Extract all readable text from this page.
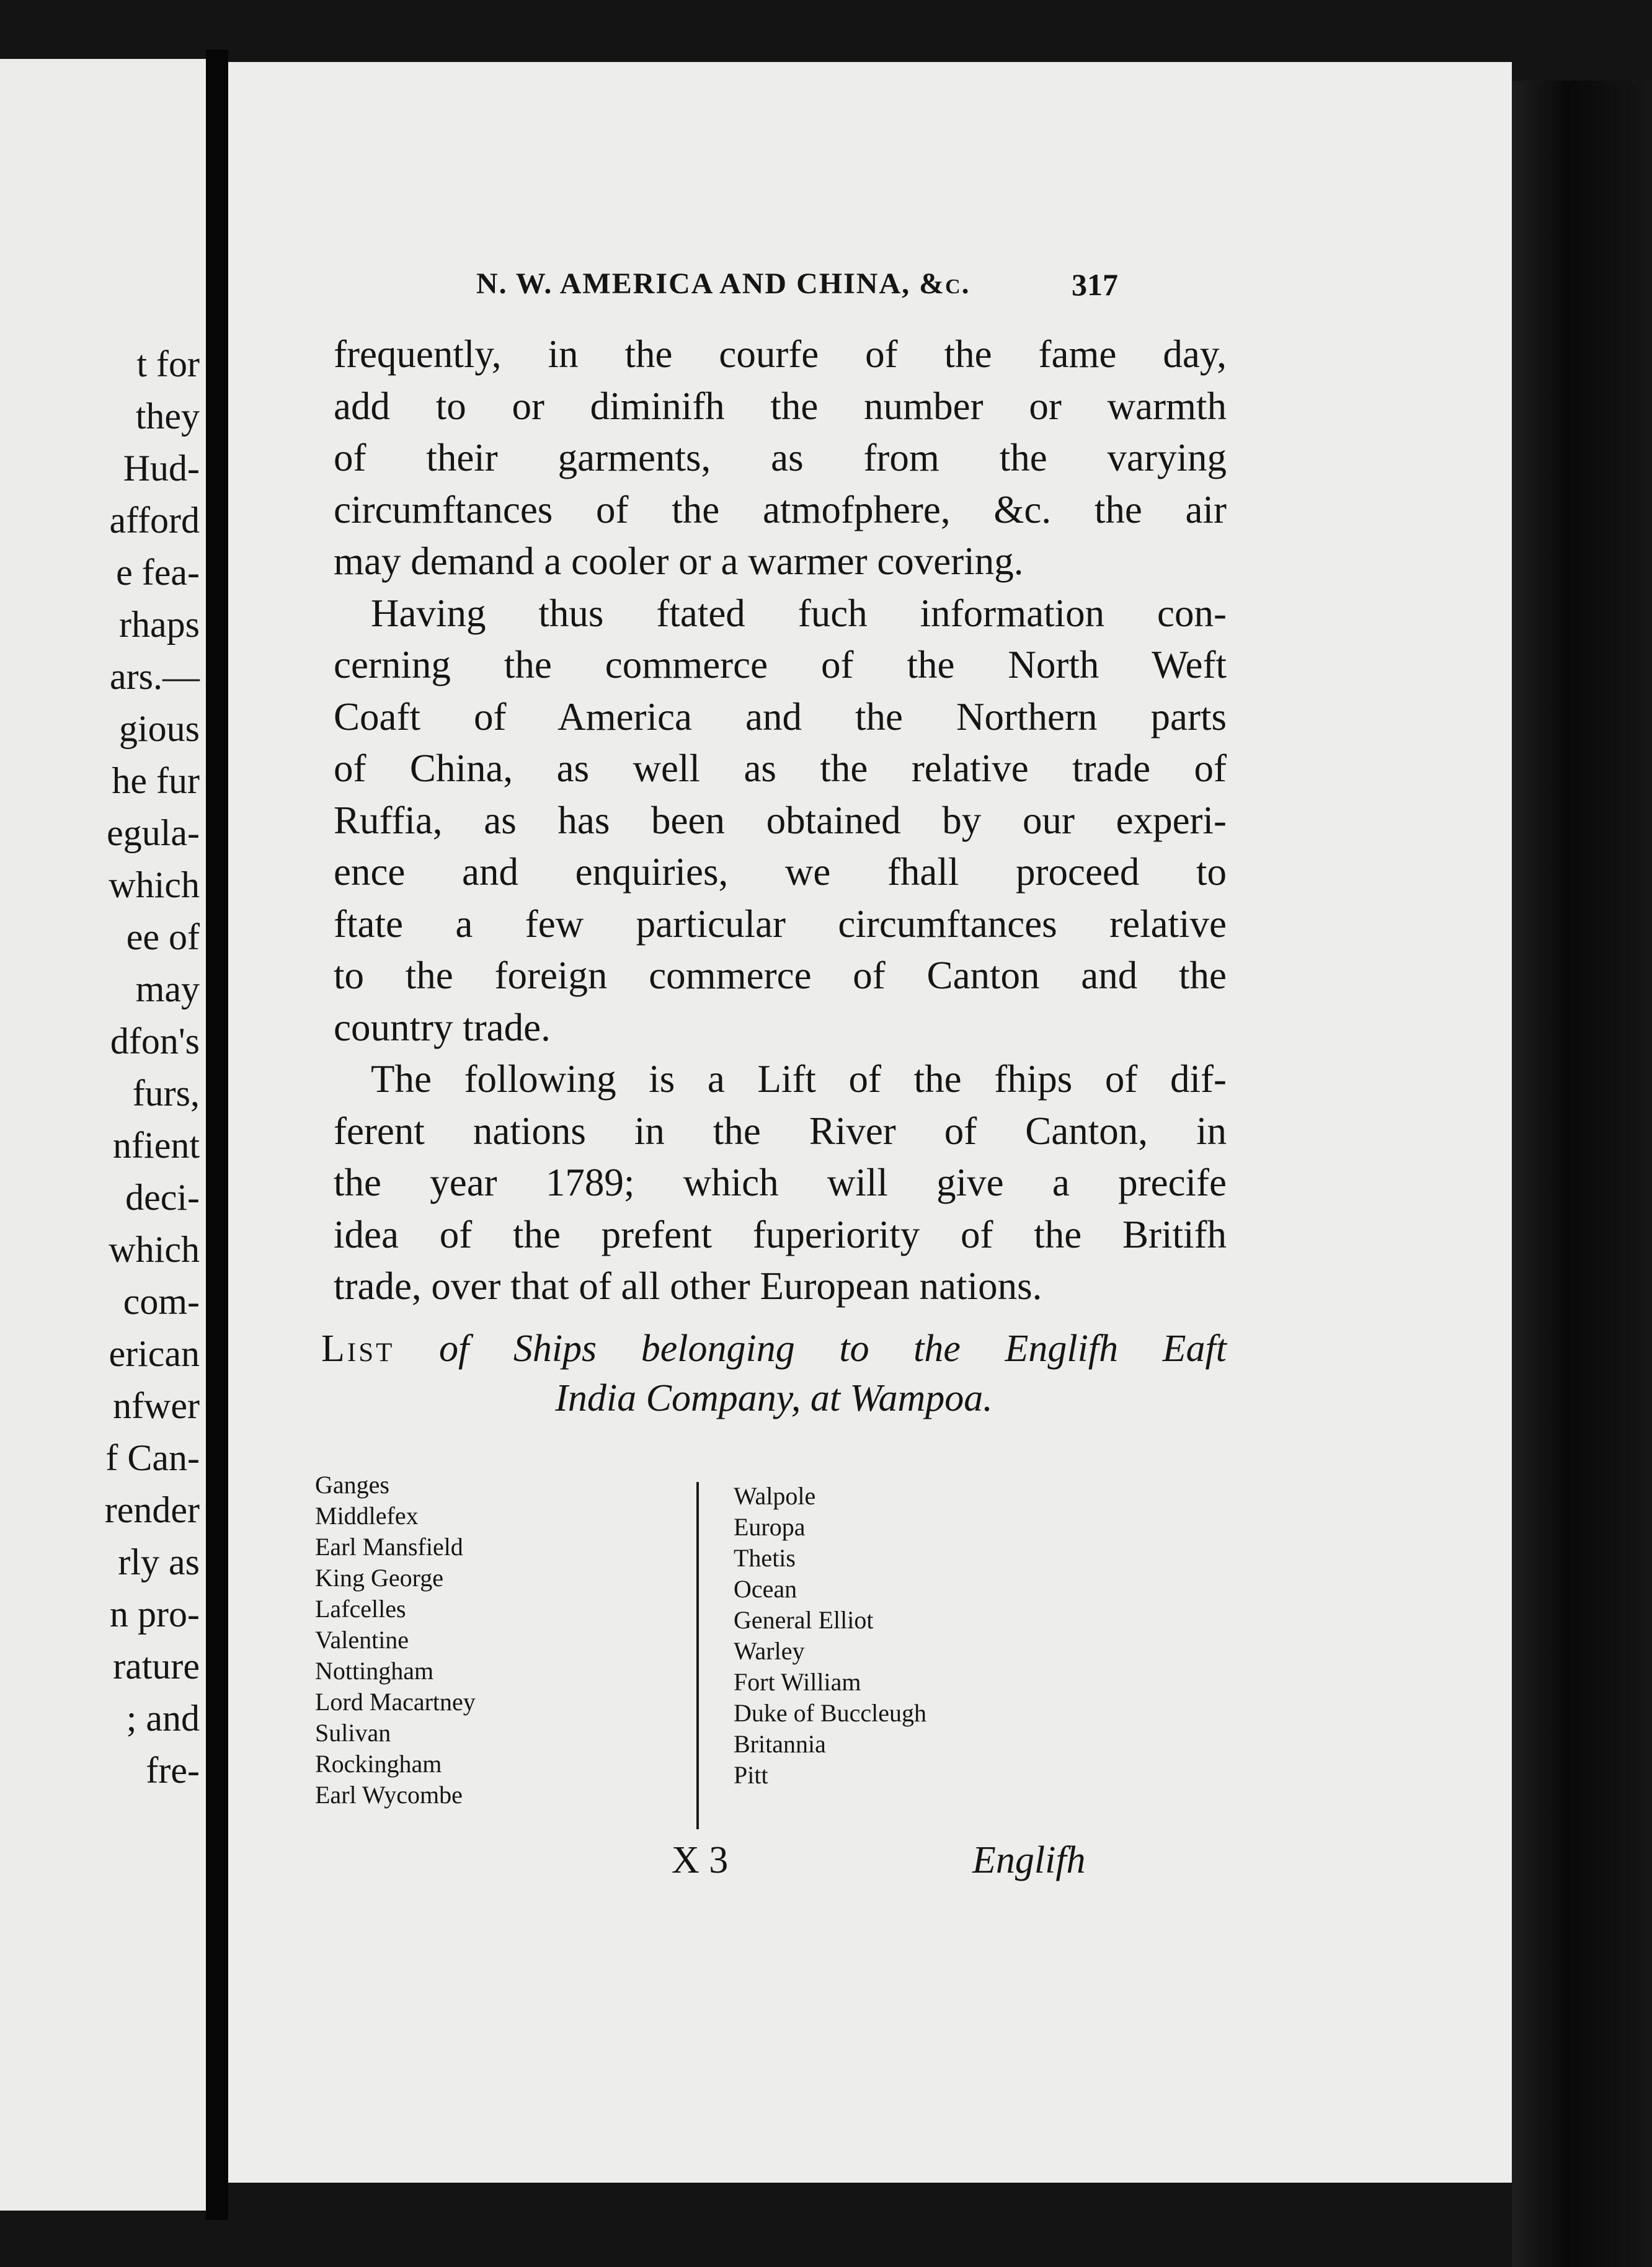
t for
they
Hud-
afford
e fea-
rhaps
ars.—
gious
he fur
egula-
which
ee of
may
dfon's
furs,
nfient
deci-
which
com-
erican
nfwer
f Can-
render
rly as
n pro-
rature
; and
fre-
N. W. AMERICA AND CHINA, &c.	317
frequently, in the courfe of the fame day,
add to or diminifh the number or warmth
of their garments, as from the varying
circumftances of the atmofphere, &c. the air
may demand a cooler or a warmer covering.
Having thus ftated fuch information con-
cerning the commerce of the North Weft
Coaft of America and the Northern parts
of China, as well as the relative trade of
Ruffia, as has been obtained by our experi-
ence and enquiries, we fhall proceed to
ftate a few particular circumftances relative
to the foreign commerce of Canton and the
country trade.
The following is a Lift of the fhips of dif-
ferent nations in the River of Canton, in
the year 1789; which will give a precife
idea of the prefent fuperiority of the Britifh
trade, over that of all other European nations.
List of Ships belonging to the Englifh Eaft
India Company, at Wampoa.
Ganges
Middlefex
Earl Mansfield
King George
Lafcelles
Valentine
Nottingham
Lord Macartney
Sulivan
Rockingham
Earl Wycombe
Walpole
Europa
Thetis
Ocean
General Elliot
Warley
Fort William
Duke of Buccleugh
Britannia
Pitt
X 3	Englifh
